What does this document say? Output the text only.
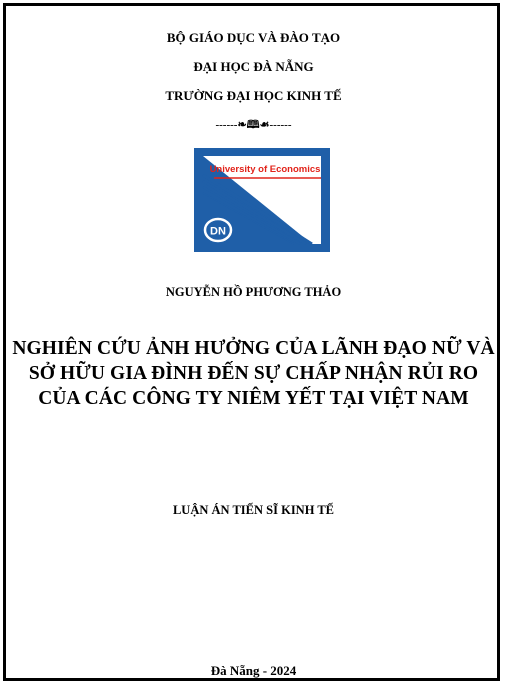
BỘ GIÁO DỤC VÀ ĐÀO TẠO
ĐẠI HỌC ĐÀ NẴNG
TRƯỜNG ĐẠI HỌC KINH TẾ
------❧🕮☙------
University of Economics
DN
NGUYỄN HỒ PHƯƠNG THẢO
NGHIÊN CỨU ẢNH HƯỞNG CỦA LÃNH ĐẠO NỮ VÀ
SỞ HỮU GIA ĐÌNH ĐẾN SỰ CHẤP NHẬN RỦI RO
CỦA CÁC CÔNG TY NIÊM YẾT TẠI VIỆT NAM
LUẬN ÁN TIẾN SĨ KINH TẾ
Đà Nẵng - 2024
